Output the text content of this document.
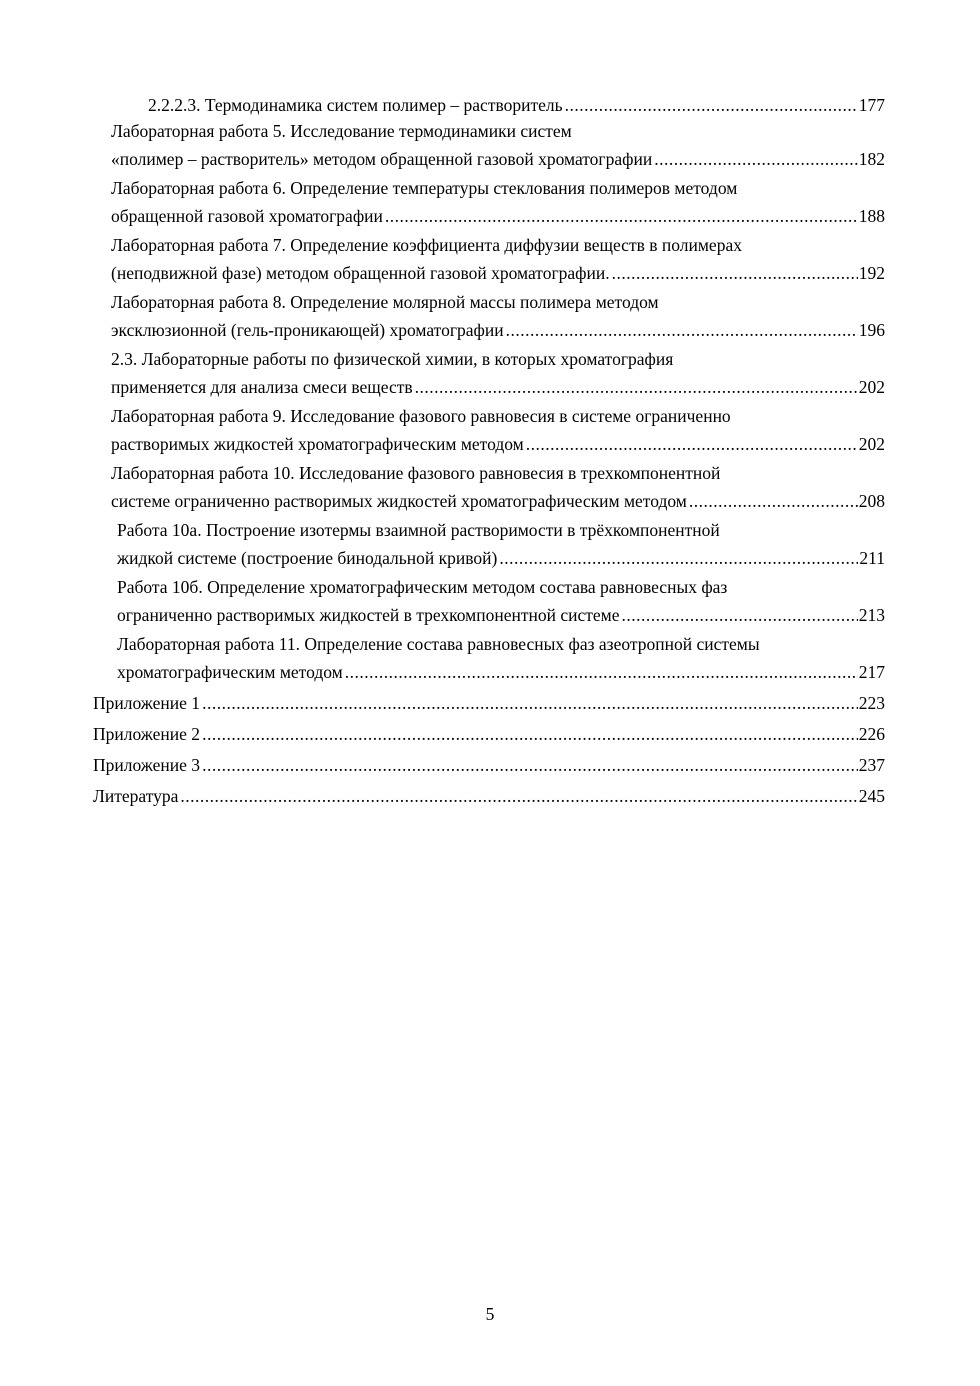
2.2.2.3. Термодинамика систем полимер – растворитель .....	177
Лабораторная работа 5. Исследование термодинамики систем
«полимер – растворитель» методом обращенной газовой хроматографии .....	182
Лабораторная работа 6. Определение температуры стеклования полимеров методом
обращенной газовой хроматографии .....	188
Лабораторная работа 7. Определение коэффициента диффузии веществ в полимерах
(неподвижной фазе) методом обращенной газовой хроматографии. .....	192
Лабораторная работа 8. Определение молярной массы полимера методом
эксклюзионной (гель-проникающей) хроматографии .....	196
2.3. Лабораторные работы по физической химии, в которых хроматография
применяется для анализа смеси веществ .....	202
Лабораторная работа 9. Исследование фазового равновесия в системе ограниченно
растворимых жидкостей хроматографическим методом .....	202
Лабораторная работа 10. Исследование фазового равновесия в трехкомпонентной
системе ограниченно растворимых жидкостей хроматографическим методом .....	208
Работа 10а. Построение изотермы взаимной растворимости в трёхкомпонентной
жидкой системе (построение бинодальной кривой) .....	211
Работа 10б. Определение хроматографическим методом состава равновесных фаз
ограниченно растворимых жидкостей в трехкомпонентной системе .....	213
Лабораторная работа 11. Определение состава равновесных фаз азеотропной системы
хроматографическим методом .....	217
Приложение 1 .....	223
Приложение 2 .....	226
Приложение 3 .....	237
Литература .....	245
5
